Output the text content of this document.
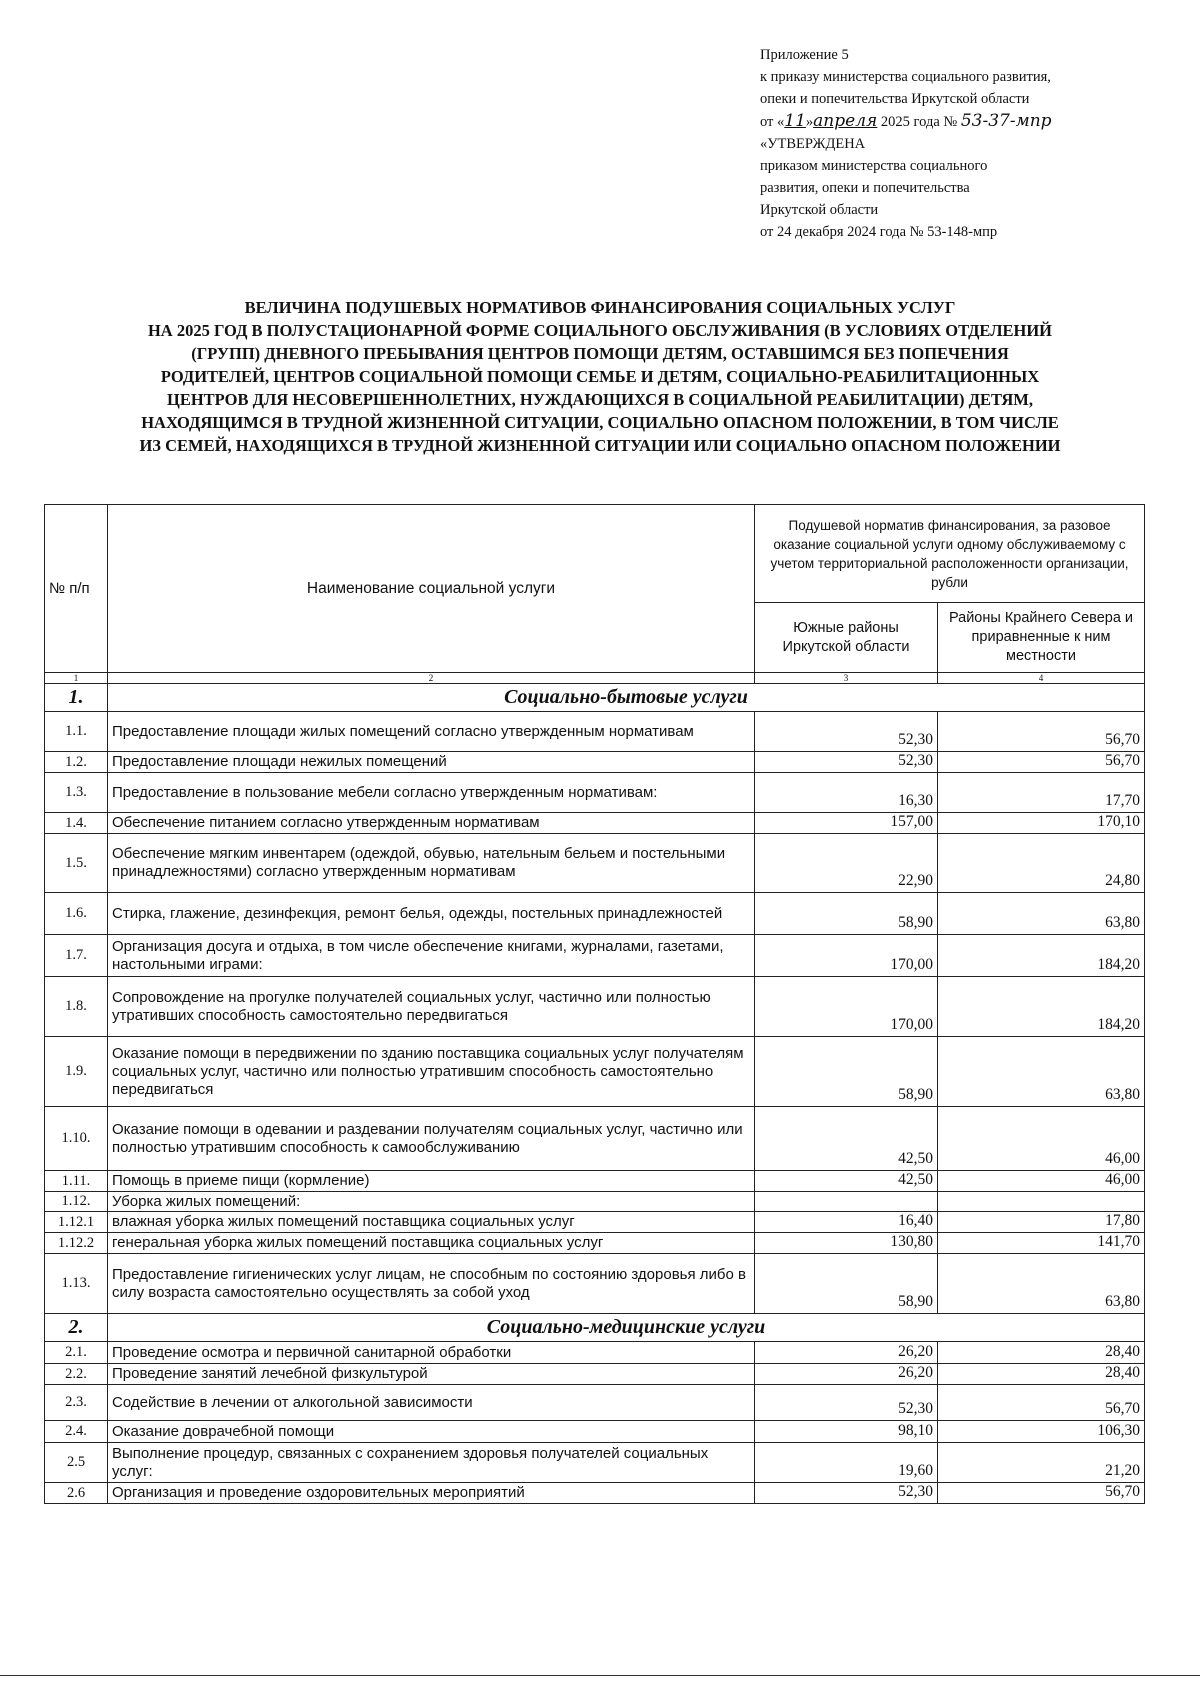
Приложение 5
к приказу министерства социального развития,
опеки и попечительства Иркутской области
от «11»апреля 2025 года № 53-37-мпр
«УТВЕРЖДЕНА
приказом министерства социального
развития, опеки и попечительства
Иркутской области
от 24 декабря 2024 года № 53-148-мпр
ВЕЛИЧИНА ПОДУШЕВЫХ НОРМАТИВОВ ФИНАНСИРОВАНИЯ СОЦИАЛЬНЫХ УСЛУГ
НА 2025 ГОД В ПОЛУСТАЦИОНАРНОЙ ФОРМЕ СОЦИАЛЬНОГО ОБСЛУЖИВАНИЯ (В УСЛОВИЯХ ОТДЕЛЕНИЙ
(ГРУПП) ДНЕВНОГО ПРЕБЫВАНИЯ ЦЕНТРОВ ПОМОЩИ ДЕТЯМ, ОСТАВШИМСЯ БЕЗ ПОПЕЧЕНИЯ
РОДИТЕЛЕЙ, ЦЕНТРОВ СОЦИАЛЬНОЙ ПОМОЩИ СЕМЬЕ И ДЕТЯМ, СОЦИАЛЬНО-РЕАБИЛИТАЦИОННЫХ
ЦЕНТРОВ ДЛЯ НЕСОВЕРШЕННОЛЕТНИХ, НУЖДАЮЩИХСЯ В СОЦИАЛЬНОЙ РЕАБИЛИТАЦИИ) ДЕТЯМ,
НАХОДЯЩИМСЯ В ТРУДНОЙ ЖИЗНЕННОЙ СИТУАЦИИ, СОЦИАЛЬНО ОПАСНОМ ПОЛОЖЕНИИ, В ТОМ ЧИСЛЕ
ИЗ СЕМЕЙ, НАХОДЯЩИХСЯ В ТРУДНОЙ ЖИЗНЕННОЙ СИТУАЦИИ ИЛИ СОЦИАЛЬНО ОПАСНОМ ПОЛОЖЕНИИ
№ п/п	Наименование социальной услуги	Подушевой норматив финансирования, за разовое оказание социальной услуги одному обслуживаемому с учетом территориальной расположенности организации, рубли	
		Южные районы Иркутской области	Районы Крайнего Севера и приравненные к ним местности
1	2	3	4
1.	Социально-бытовые услуги		
1.1.	Предоставление площади жилых помещений согласно утвержденным нормативам	52,30	56,70
1.2.	Предоставление площади нежилых помещений	52,30	56,70
1.3.	Предоставление в пользование мебели согласно утвержденным нормативам:	16,30	17,70
1.4.	Обеспечение питанием согласно утвержденным нормативам	157,00	170,10
1.5.	Обеспечение мягким инвентарем (одеждой, обувью, нательным бельем и постельными принадлежностями) согласно утвержденным нормативам	22,90	24,80
1.6.	Стирка, глажение, дезинфекция, ремонт белья, одежды, постельных принадлежностей	58,90	63,80
1.7.	Организация досуга и отдыха, в том числе обеспечение книгами, журналами, газетами, настольными играми:	170,00	184,20
1.8.	Сопровождение на прогулке получателей социальных услуг, частично или полностью утративших способность самостоятельно передвигаться	170,00	184,20
1.9.	Оказание помощи в передвижении по зданию поставщика социальных услуг получателям социальных услуг, частично или полностью утратившим способность самостоятельно передвигаться	58,90	63,80
1.10.	Оказание помощи в одевании и раздевании получателям социальных услуг, частично или полностью утратившим способность к самообслуживанию	42,50	46,00
1.11.	Помощь в приеме пищи (кормление)	42,50	46,00
1.12.	Уборка жилых помещений:		
1.12.1	влажная уборка жилых помещений поставщика социальных услуг	16,40	17,80
1.12.2	генеральная уборка жилых помещений поставщика социальных услуг	130,80	141,70
1.13.	Предоставление гигиенических услуг лицам, не способным по состоянию здоровья либо в силу возраста самостоятельно осуществлять за собой уход	58,90	63,80
2.	Социально-медицинские услуги		
2.1.	Проведение осмотра и первичной санитарной обработки	26,20	28,40
2.2.	Проведение занятий лечебной физкультурой	26,20	28,40
2.3.	Содействие в лечении от алкогольной зависимости	52,30	56,70
2.4.	Оказание доврачебной помощи	98,10	106,30
2.5	Выполнение процедур, связанных с сохранением здоровья получателей социальных услуг:	19,60	21,20
2.6	Организация и проведение оздоровительных мероприятий	52,30	56,70
